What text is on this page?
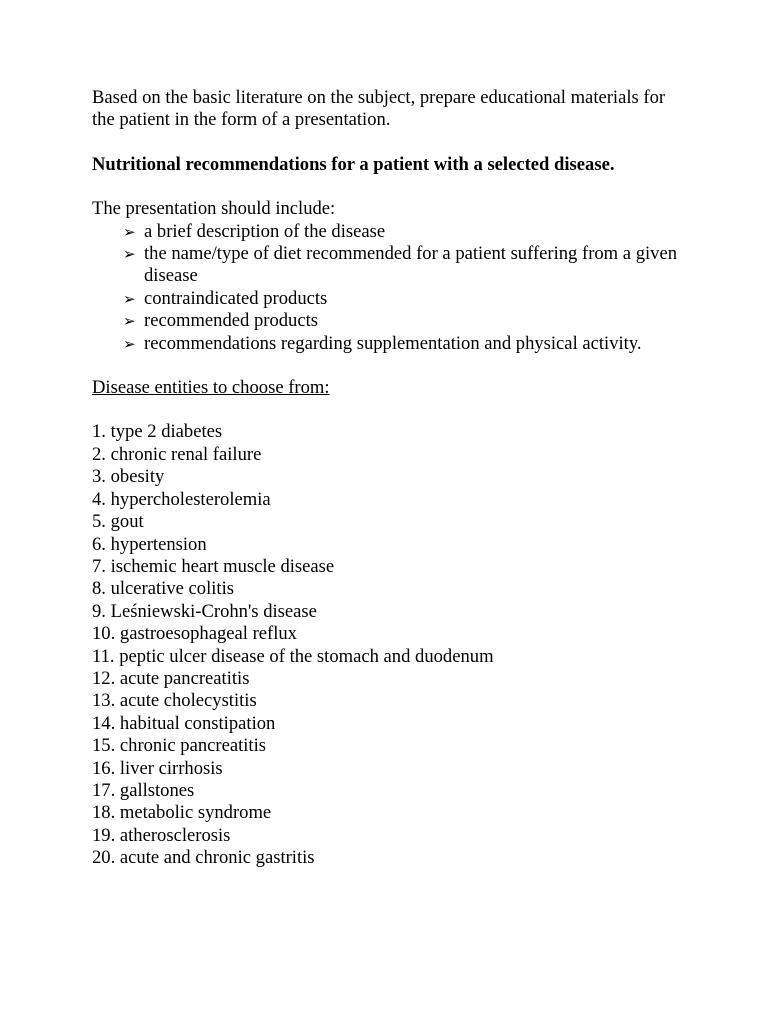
Based on the basic literature on the subject, prepare educational materials for the patient in the form of a presentation.

Nutritional recommendations for a patient with a selected disease.

The presentation should include:

➢ a brief description of the disease
➢ the name/type of diet recommended for a patient suffering from a given disease
➢ contraindicated products
➢ recommended products
➢ recommendations regarding supplementation and physical activity.

Disease entities to choose from:

1. type 2 diabetes
2. chronic renal failure
3. obesity
4. hypercholesterolemia
5. gout
6. hypertension
7. ischemic heart muscle disease
8. ulcerative colitis
9. Leśniewski-Crohn's disease
10. gastroesophageal reflux
11. peptic ulcer disease of the stomach and duodenum
12. acute pancreatitis
13. acute cholecystitis
14. habitual constipation
15. chronic pancreatitis
16. liver cirrhosis
17. gallstones
18. metabolic syndrome
19. atherosclerosis
20. acute and chronic gastritis
